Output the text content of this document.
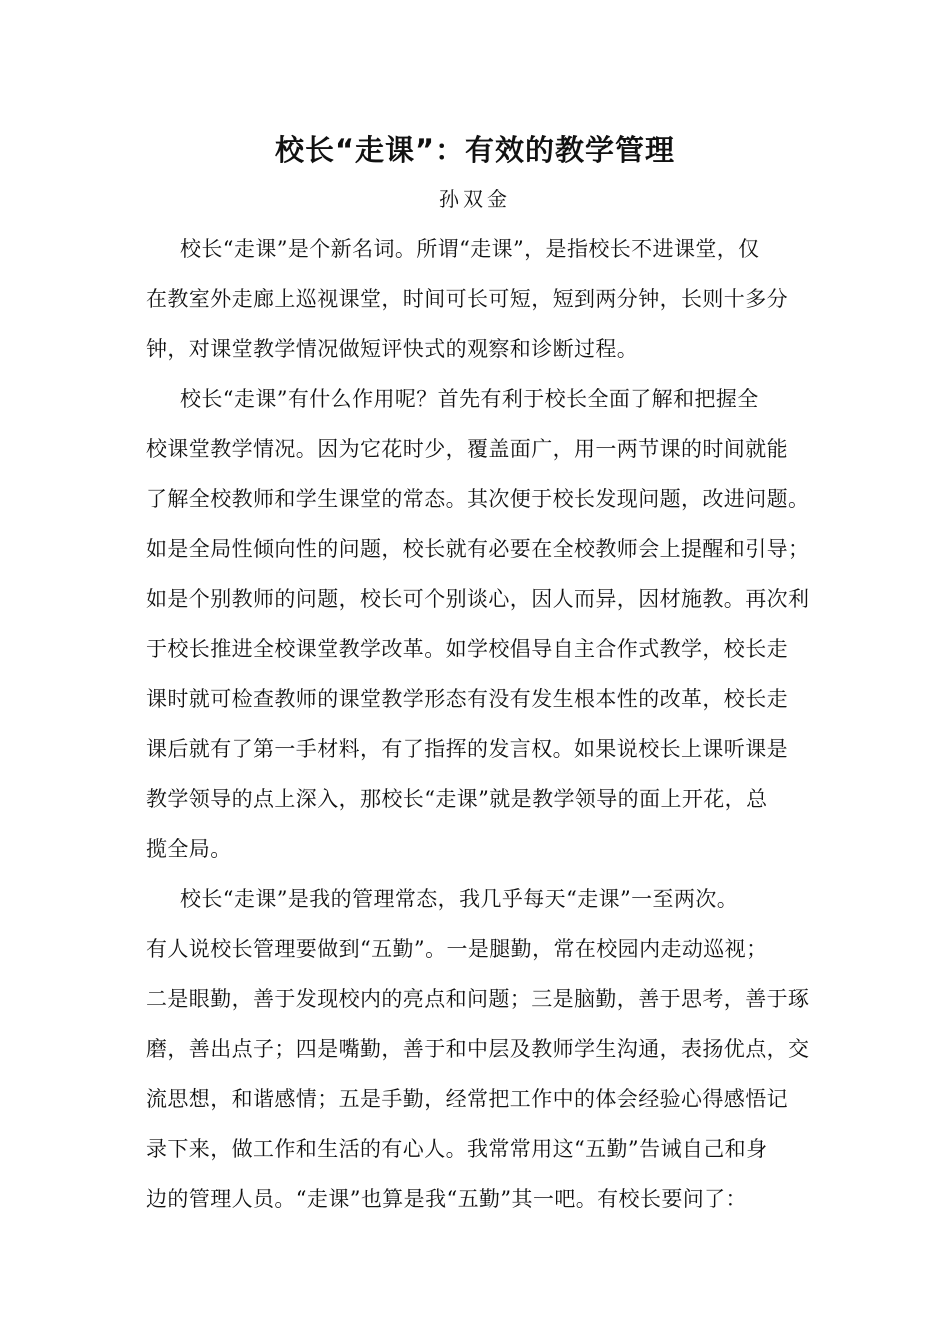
校长“走课”：有效的教学管理
孙双金
校长“走课”是个新名词。所谓“走课”，是指校长不进课堂，仅
在教室外走廊上巡视课堂，时间可长可短，短到两分钟，长则十多分
钟，对课堂教学情况做短评快式的观察和诊断过程。
校长“走课”有什么作用呢？首先有利于校长全面了解和把握全
校课堂教学情况。因为它花时少，覆盖面广，用一两节课的时间就能
了解全校教师和学生课堂的常态。其次便于校长发现问题，改进问题。
如是全局性倾向性的问题，校长就有必要在全校教师会上提醒和引导；
如是个别教师的问题，校长可个别谈心，因人而异，因材施教。再次利
于校长推进全校课堂教学改革。如学校倡导自主合作式教学，校长走
课时就可检查教师的课堂教学形态有没有发生根本性的改革，校长走
课后就有了第一手材料，有了指挥的发言权。如果说校长上课听课是
教学领导的点上深入，那校长“走课”就是教学领导的面上开花，总
揽全局。
校长“走课”是我的管理常态，我几乎每天“走课”一至两次。
有人说校长管理要做到“五勤”。一是腿勤，常在校园内走动巡视；
二是眼勤，善于发现校内的亮点和问题；三是脑勤，善于思考，善于琢
磨，善出点子；四是嘴勤，善于和中层及教师学生沟通，表扬优点，交
流思想，和谐感情；五是手勤，经常把工作中的体会经验心得感悟记
录下来，做工作和生活的有心人。我常常用这“五勤”告诫自己和身
边的管理人员。“走课”也算是我“五勤”其一吧。有校长要问了：
